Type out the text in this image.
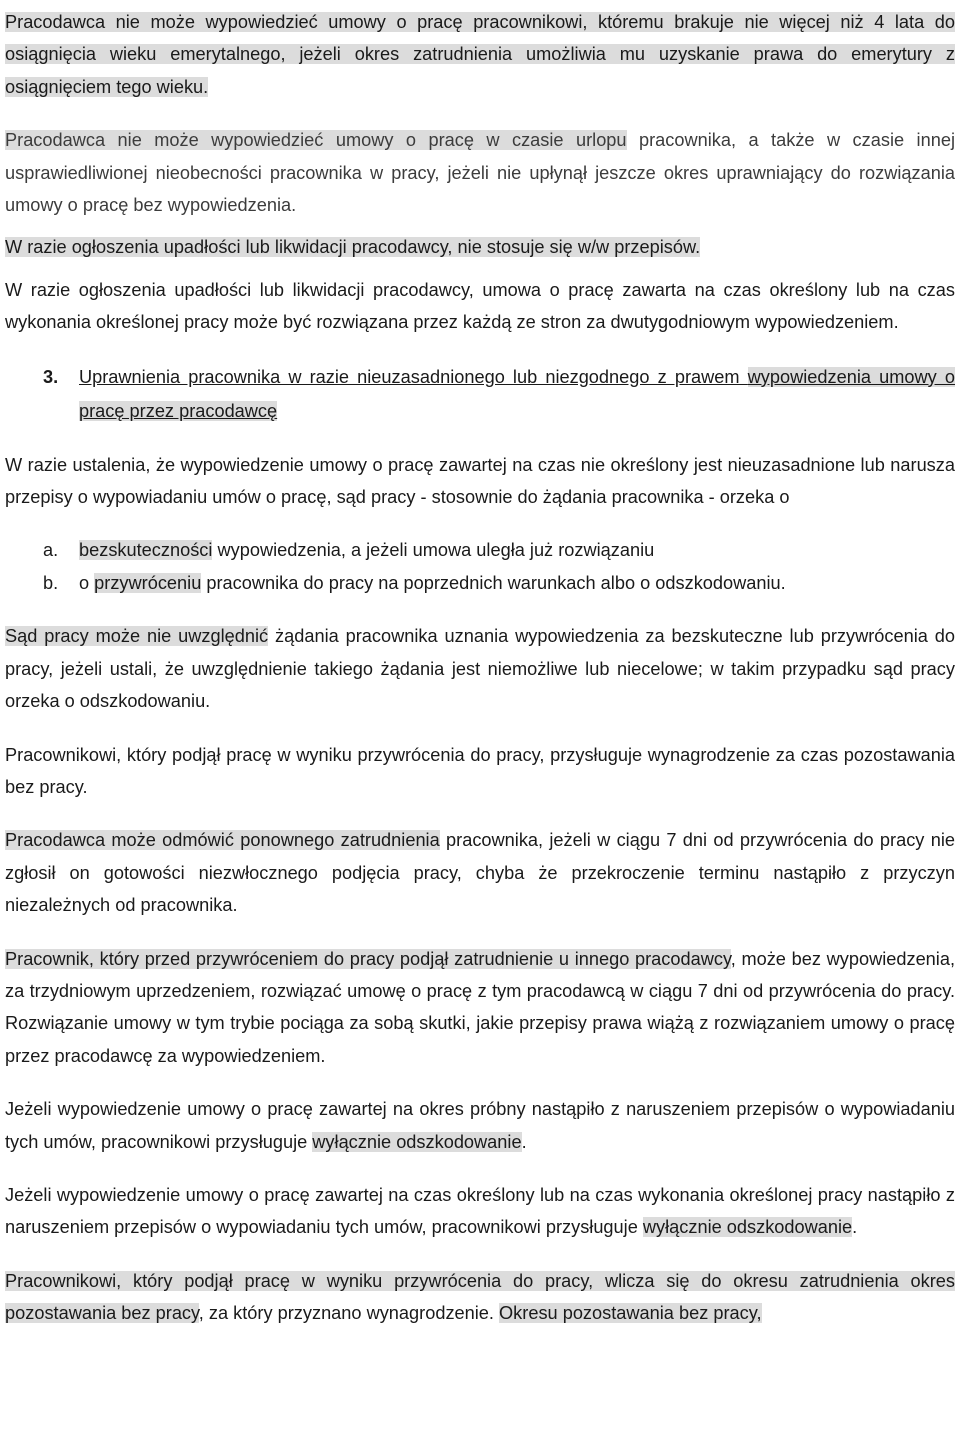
Pracodawca nie może wypowiedzieć umowy o pracę pracownikowi, któremu brakuje nie więcej niż 4 lata do osiągnięcia wieku emerytalnego, jeżeli okres zatrudnienia umożliwia mu uzyskanie prawa do emerytury z osiągnięciem tego wieku.

Pracodawca nie może wypowiedzieć umowy o pracę w czasie urlopu pracownika, a także w czasie innej usprawiedliwionej nieobecności pracownika w pracy, jeżeli nie upłynął jeszcze okres uprawniający do rozwiązania umowy o pracę bez wypowiedzenia.

W razie ogłoszenia upadłości lub likwidacji pracodawcy, nie stosuje się w/w przepisów.

W razie ogłoszenia upadłości lub likwidacji pracodawcy, umowa o pracę zawarta na czas określony lub na czas wykonania określonej pracy może być rozwiązana przez każdą ze stron za dwutygodniowym wypowiedzeniem.

3.	Uprawnienia pracownika w razie nieuzasadnionego lub niezgodnego z prawem wypowiedzenia umowy o pracę przez pracodawcę

W razie ustalenia, że wypowiedzenie umowy o pracę zawartej na czas nie określony jest nieuzasadnione lub narusza przepisy o wypowiadaniu umów o pracę, sąd pracy - stosownie do żądania pracownika - orzeka o

a.	bezskuteczności wypowiedzenia, a jeżeli umowa uległa już rozwiązaniu
b.	o przywróceniu pracownika do pracy na poprzednich warunkach albo o odszkodowaniu.

Sąd pracy może nie uwzględnić żądania pracownika uznania wypowiedzenia za bezskuteczne lub przywrócenia do pracy, jeżeli ustali, że uwzględnienie takiego żądania jest niemożliwe lub niecelowe; w takim przypadku sąd pracy orzeka o odszkodowaniu.

Pracownikowi, który podjął pracę w wyniku przywrócenia do pracy, przysługuje wynagrodzenie za czas pozostawania bez pracy.

Pracodawca może odmówić ponownego zatrudnienia pracownika, jeżeli w ciągu 7 dni od przywrócenia do pracy nie zgłosił on gotowości niezwłocznego podjęcia pracy, chyba że przekroczenie terminu nastąpiło z przyczyn niezależnych od pracownika.

Pracownik, który przed przywróceniem do pracy podjął zatrudnienie u innego pracodawcy, może bez wypowiedzenia, za trzydniowym uprzedzeniem, rozwiązać umowę o pracę z tym pracodawcą w ciągu 7 dni od przywrócenia do pracy. Rozwiązanie umowy w tym trybie pociąga za sobą skutki, jakie przepisy prawa wiążą z rozwiązaniem umowy o pracę przez pracodawcę za wypowiedzeniem.

Jeżeli wypowiedzenie umowy o pracę zawartej na okres próbny nastąpiło z naruszeniem przepisów o wypowiadaniu tych umów, pracownikowi przysługuje wyłącznie odszkodowanie.

Jeżeli wypowiedzenie umowy o pracę zawartej na czas określony lub na czas wykonania określonej pracy nastąpiło z naruszeniem przepisów o wypowiadaniu tych umów, pracownikowi przysługuje wyłącznie odszkodowanie.

Pracownikowi, który podjął pracę w wyniku przywrócenia do pracy, wlicza się do okresu zatrudnienia okres pozostawania bez pracy, za który przyznano wynagrodzenie. Okresu pozostawania bez pracy,
